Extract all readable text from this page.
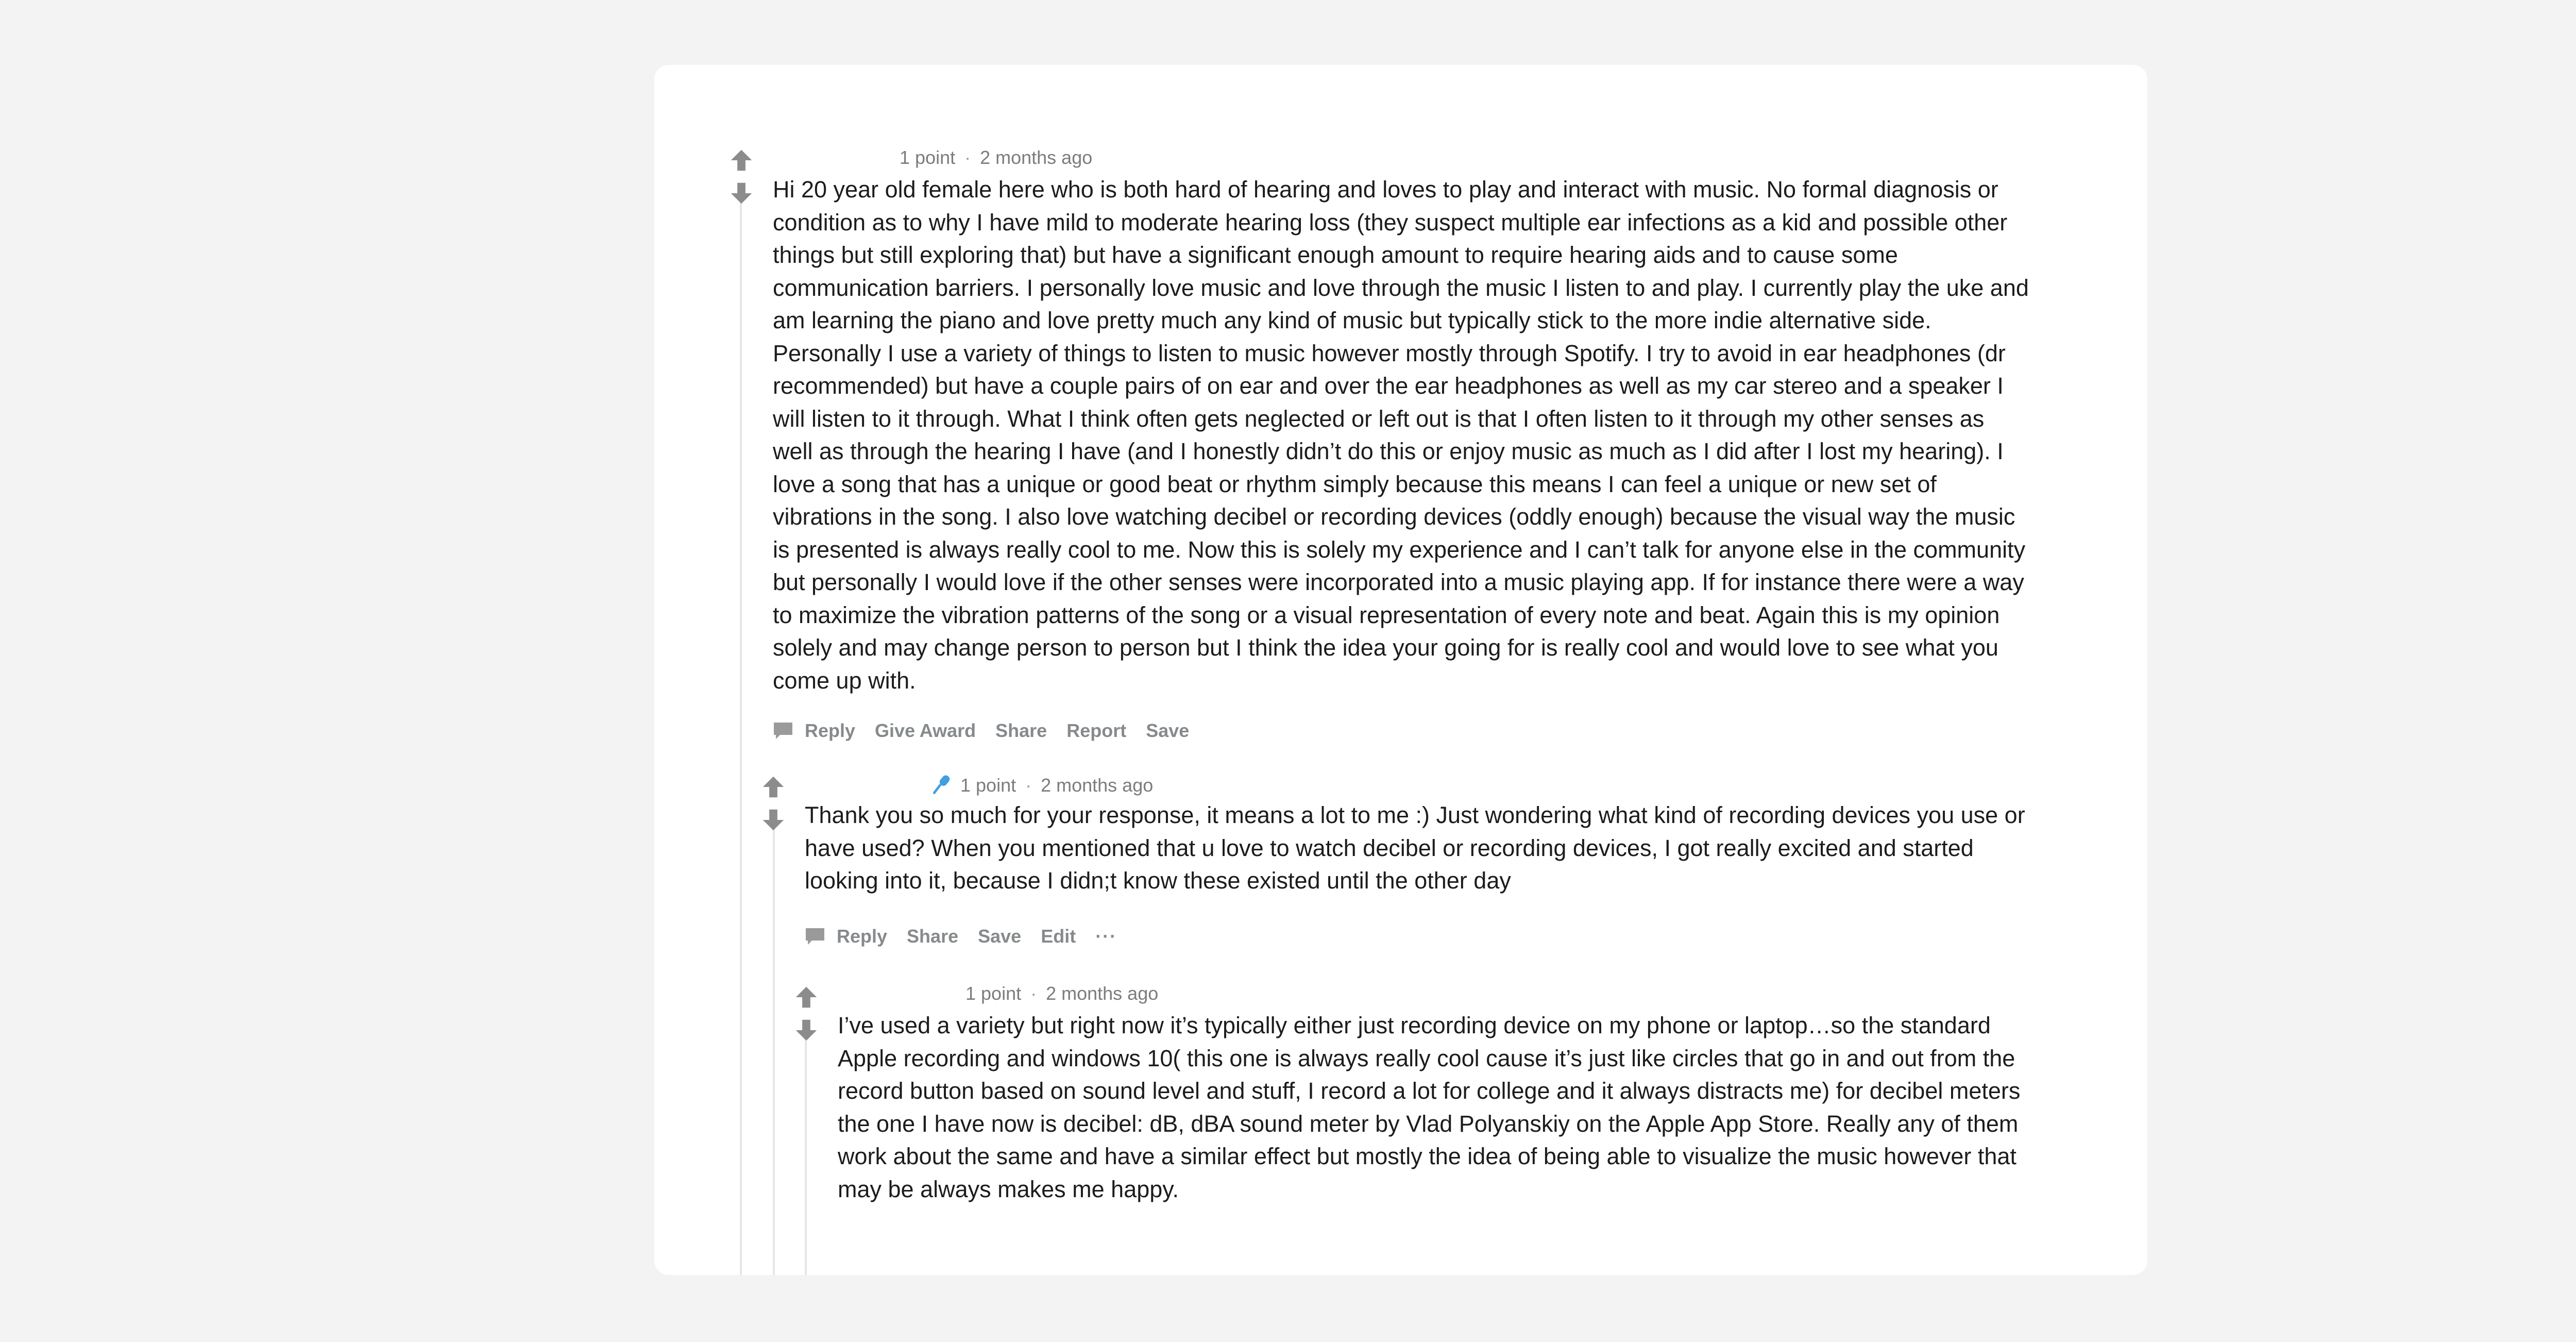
1 point · 2 months ago

Hi 20 year old female here who is both hard of hearing and loves to play and interact with music. No formal diagnosis or condition as to why I have mild to moderate hearing loss (they suspect multiple ear infections as a kid and possible other things but still exploring that) but have a significant enough amount to require hearing aids and to cause some communication barriers. I personally love music and love through the music I listen to and play. I currently play the uke and am learning the piano and love pretty much any kind of music but typically stick to the more indie alternative side. Personally I use a variety of things to listen to music however mostly through Spotify. I try to avoid in ear headphones (dr recommended) but have a couple pairs of on ear and over the ear headphones as well as my car stereo and a speaker I will listen to it through. What I think often gets neglected or left out is that I often listen to it through my other senses as well as through the hearing I have (and I honestly didn’t do this or enjoy music as much as I did after I lost my hearing). I love a song that has a unique or good beat or rhythm simply because this means I can feel a unique or new set of vibrations in the song. I also love watching decibel or recording devices (oddly enough) because the visual way the music is presented is always really cool to me. Now this is solely my experience and I can’t talk for anyone else in the community but personally I would love if the other senses were incorporated into a music playing app. If for instance there were a way to maximize the vibration patterns of the song or a visual representation of every note and beat. Again this is my opinion solely and may change person to person but I think the idea your going for is really cool and would love to see what you come up with.

Reply Give Award Share Report Save
1 point · 2 months ago

Thank you so much for your response, it means a lot to me :) Just wondering what kind of recording devices you use or have used? When you mentioned that u love to watch decibel or recording devices, I got really excited and started looking into it, because I didn;t know these existed until the other day

Reply Share Save Edit ···
1 point · 2 months ago

I’ve used a variety but right now it’s typically either just recording device on my phone or laptop…so the standard Apple recording and windows 10( this one is always really cool cause it’s just like circles that go in and out from the record button based on sound level and stuff, I record a lot for college and it always distracts me) for decibel meters the one I have now is decibel: dB, dBA sound meter by Vlad Polyanskiy on the Apple App Store. Really any of them work about the same and have a similar effect but mostly the idea of being able to visualize the music however that may be always makes me happy.
